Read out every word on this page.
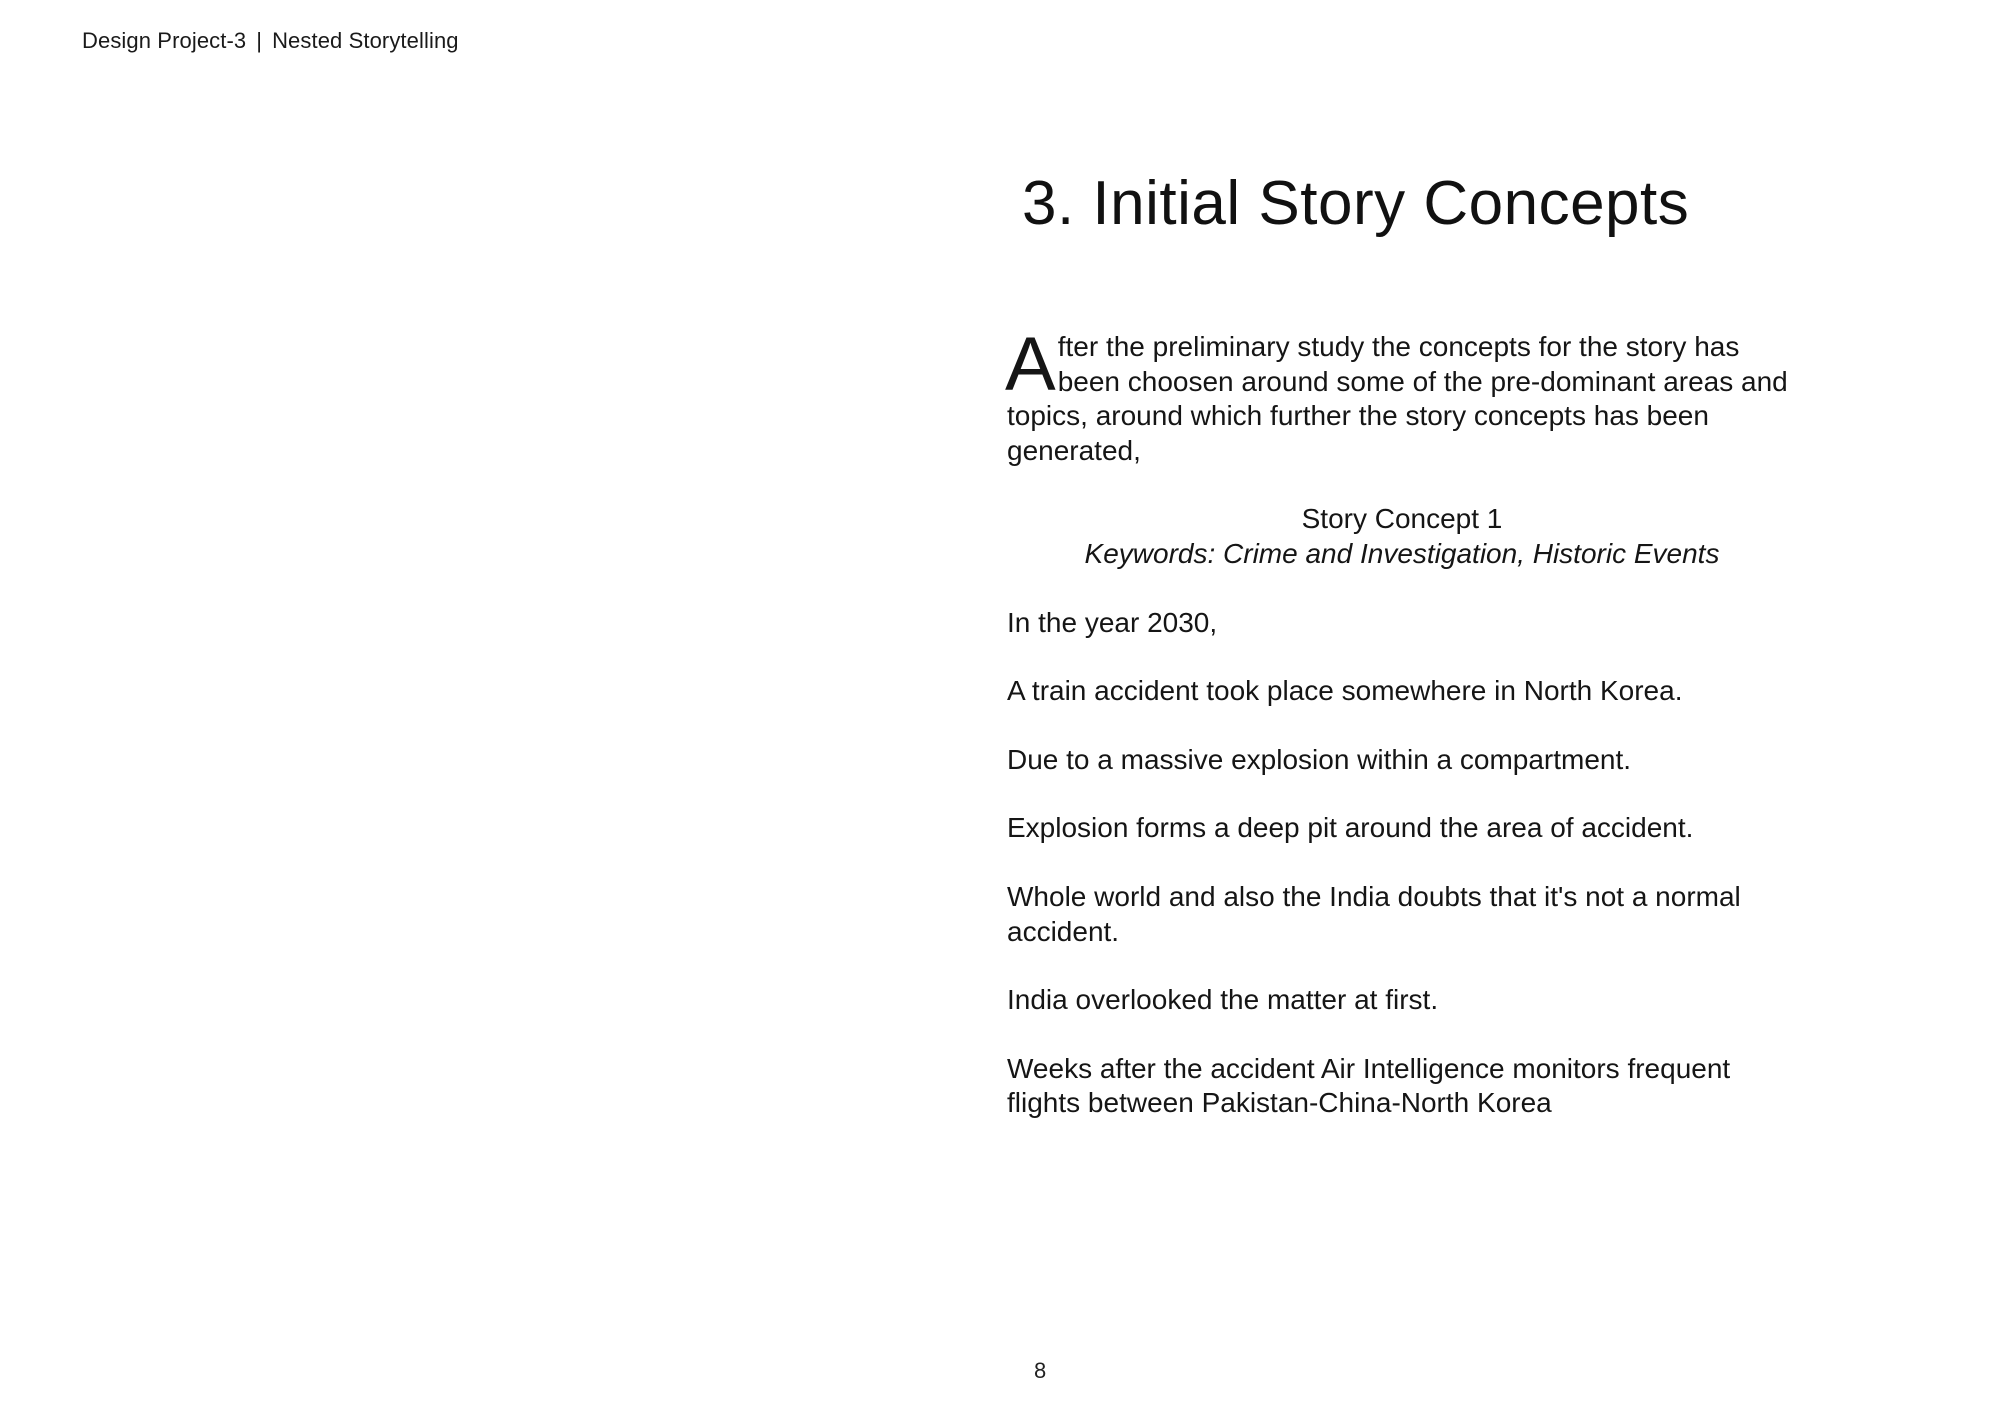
Design Project-3 | Nested Storytelling
3. Initial Story Concepts

After the preliminary study the concepts for the story has been choosen around some of the pre-dominant areas and topics, around which further the story concepts has been generated,

Story Concept 1
Keywords: Crime and Investigation, Historic Events

In the year 2030,

A train accident took place somewhere in North Korea.

Due to a massive explosion within a compartment.

Explosion forms a deep pit around the area of accident.

Whole world and also the India doubts that it's not a normal accident.

India overlooked the matter at first.

Weeks after the accident Air Intelligence monitors frequent flights between Pakistan-China-North Korea

8
